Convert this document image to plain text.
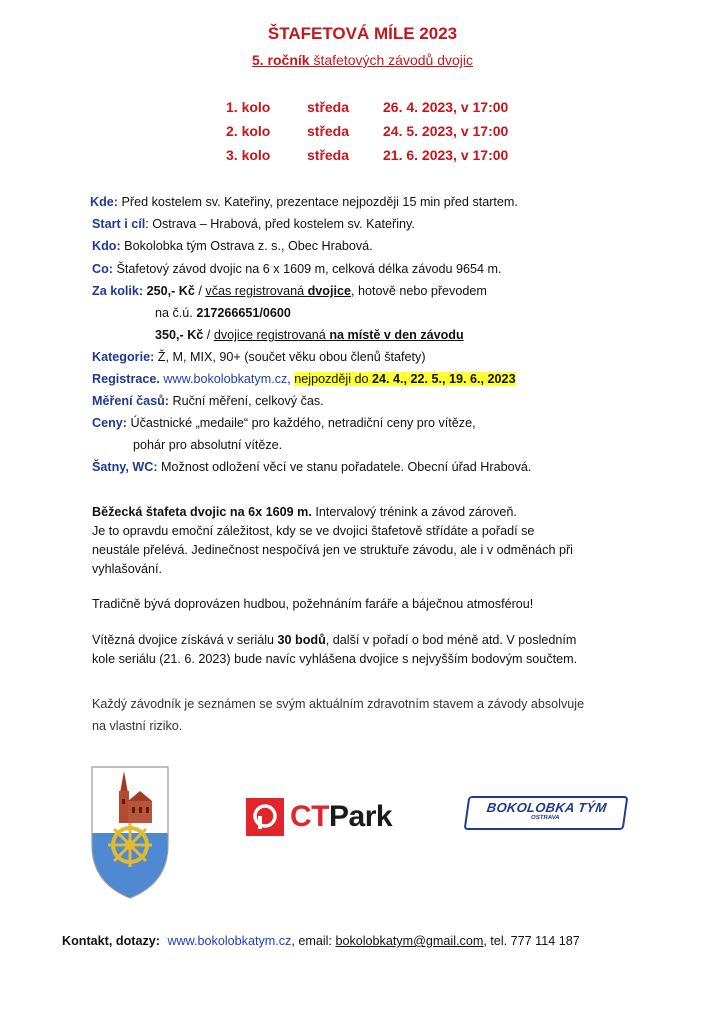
ŠTAFETOVÁ MÍLE 2023
5. ročník štafetových závodů dvojic
1. kolo	středa 26. 4. 2023, v 17:00
2. kolo	středa 24. 5. 2023, v 17:00
3. kolo	středa 21. 6. 2023, v 17:00
Kde: Před kostelem sv. Kateřiny, prezentace nejpozději 15 min před startem.
Start i cíl: Ostrava – Hrabová, před kostelem sv. Kateřiny.
Kdo: Bokolobka tým Ostrava z. s., Obec Hrabová.
Co: Štafetový závod dvojic na 6 x 1609 m, celková délka závodu 9654 m.
Za kolik: 250,- Kč / včas registrovaná dvojice, hotově nebo převodem
na č.ú. 217266651/0600
350,- Kč / dvojice registrovaná na místě v den závodu
Kategorie: Ž, M, MIX, 90+ (součet věku obou členů štafety)
Registrace. www.bokolobkatym.cz, nejpozději do 24. 4., 22. 5., 19. 6., 2023
Měření časů: Ruční měření, celkový čas.
Ceny: Účastnické „medaile“ pro každého, netradiční ceny pro vítěze,
pohár pro absolutní vítěze.
Šatny, WC: Možnost odložení věcí ve stanu pořadatele. Obecní úřad Hrabová.
Běžecká štafeta dvojic na 6x 1609 m. Intervalový trénink a závod zároveň.
Je to opravdu emoční záležitost, kdy se ve dvojici štafetově střídáte a pořadí se
neustále přelévá. Jedinečnost nespočívá jen ve struktuře závodu, ale i v odměnách při
vyhlašování.
Tradičně bývá doprovázen hudbou, požehnáním faráře a báječnou atmosférou!
Vítězná dvojice získává v seriálu 30 bodů, další v pořadí o bod méně atd. V posledním
kole seriálu (21. 6. 2023) bude navíc vyhlášena dvojice s nejvyšším bodovým součtem.
Každý závodník je seznámen se svým aktuálním zdravotním stavem a závody absolvuje
na vlastní riziko.
CTPark	BOKOLOBKA TÝM
OSTRAVA
Kontakt, dotazy: www.bokolobkatym.cz, email: bokolobkatym@gmail.com, tel. 777 114 187
